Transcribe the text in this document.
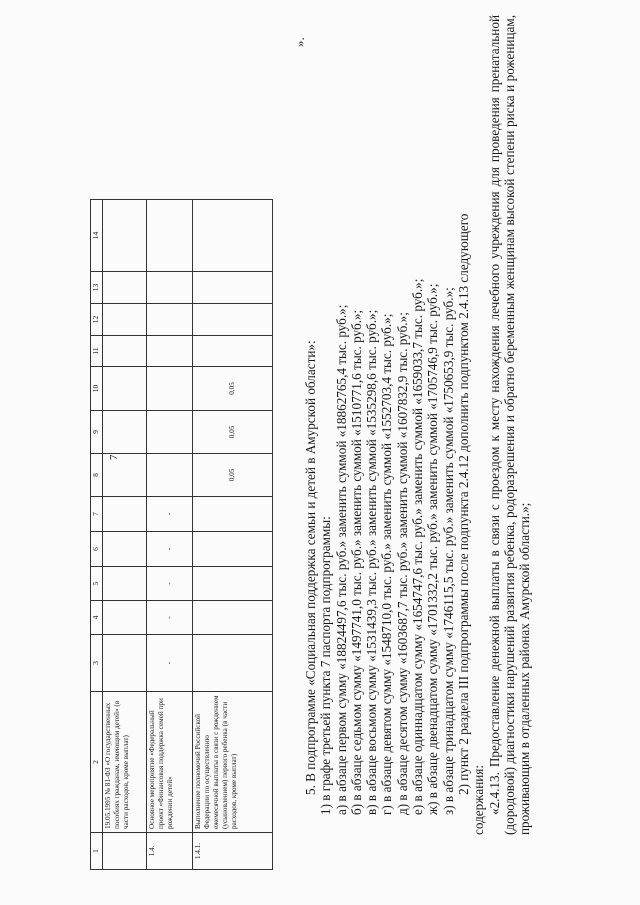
7
1	2	3	4	5	6	7	8	9	10	11	12	13	14
	19.05.1995 № 81-ФЗ «О государственных пособиях гражданам, имеющим детей» (в части расходов, кроме выплат)												
1.4.	Основное мероприятие «Федеральный проект «Финансовая поддержка семей при рождении детей»	-	-	-	-	-							
1.4.1.	Выполнение полномочий Российской Федерации по осуществлению ежемесячной выплаты в связи с рождением (усыновлением) первого ребенка (в части расходов, кроме выплат)						0,05	0,05	0,05				
».

5. В подпрограмме «Социальная поддержка семьи и детей в Амурской области»: 1) в графе третьей пункта 7 паспорта подпрограммы: а) в абзаце первом сумму «18824497,6 тыс. руб.» заменить суммой «18862765,4 тыс. руб.»; б) в абзаце седьмом сумму «1497741,0 тыс. руб.» заменить суммой «1510771,6 тыс. руб.»; в) в абзаце восьмом сумму «1531439,3 тыс. руб.» заменить суммой «1535298,6 тыс. руб.»; г) в абзаце девятом сумму «1548710,0 тыс. руб.» заменить суммой «1552703,4 тыс. руб.»; д) в абзаце десятом сумму «1603687,7 тыс. руб.» заменить суммой «1607832,9 тыс. руб.»; е) в абзаце одиннадцатом сумму «1654747,6 тыс. руб.» заменить суммой «1659033,7 тыс. руб.»; ж) в абзаце двенадцатом сумму «1701332,2 тыс. руб.» заменить суммой «1705746,9 тыс. руб.»; з) в абзаце тринадцатом сумму «1746115,5 тыс. руб.» заменить суммой «1750653,9 тыс. руб.»; 2) пункт 2 раздела III подпрограммы после подпункта 2.4.12 дополнить подпунктом 2.4.13 следующего

содержания: «2.4.13. Предоставление денежной выплаты в связи с проездом к месту нахождения лечебного учреждения для проведения пренатальной (дородовой) диагностики нарушений развития ребенка, родоразрешения и обратно беременным женщинам высокой степени риска и роженицам, проживающим в отдаленных районах Амурской области.»;
